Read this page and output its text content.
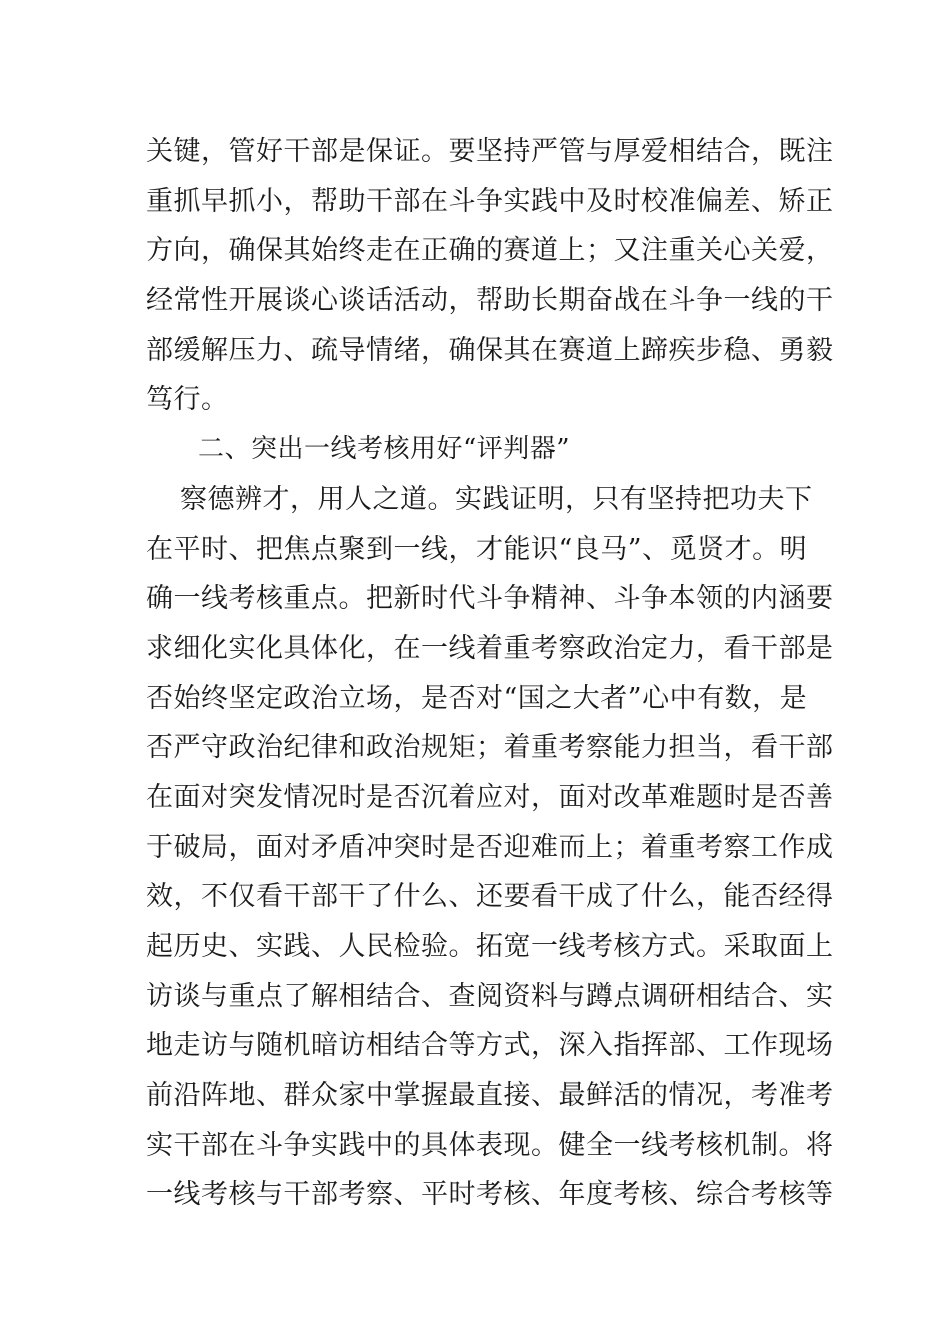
关键，管好干部是保证。要坚持严管与厚爱相结合，既注
重抓早抓小，帮助干部在斗争实践中及时校准偏差、矫正
方向，确保其始终走在正确的赛道上；又注重关心关爱，
经常性开展谈心谈话活动，帮助长期奋战在斗争一线的干
部缓解压力、疏导情绪，确保其在赛道上蹄疾步稳、勇毅
笃行。
二、突出一线考核用好“评判器”
察德辨才，用人之道。实践证明，只有坚持把功夫下
在平时、把焦点聚到一线，才能识“良马”、觅贤才。明
确一线考核重点。把新时代斗争精神、斗争本领的内涵要
求细化实化具体化，在一线着重考察政治定力，看干部是
否始终坚定政治立场，是否对“国之大者”心中有数，是
否严守政治纪律和政治规矩；着重考察能力担当，看干部
在面对突发情况时是否沉着应对，面对改革难题时是否善
于破局，面对矛盾冲突时是否迎难而上；着重考察工作成
效，不仅看干部干了什么、还要看干成了什么，能否经得
起历史、实践、人民检验。拓宽一线考核方式。采取面上
访谈与重点了解相结合、查阅资料与蹲点调研相结合、实
地走访与随机暗访相结合等方式，深入指挥部、工作现场
前沿阵地、群众家中掌握最直接、最鲜活的情况，考准考
实干部在斗争实践中的具体表现。健全一线考核机制。将
一线考核与干部考察、平时考核、年度考核、综合考核等
